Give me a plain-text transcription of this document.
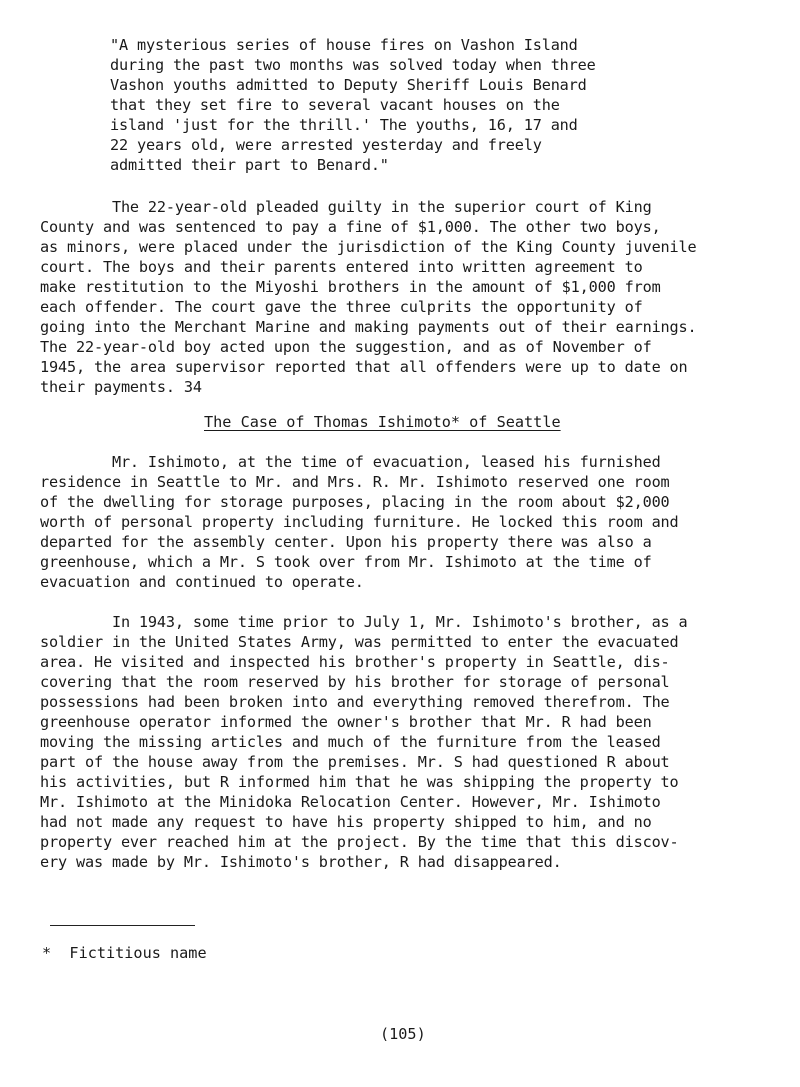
"A mysterious series of house fires on Vashon Island
during the past two months was solved today when three
Vashon youths admitted to Deputy Sheriff Louis Benard
that they set fire to several vacant houses on the
island 'just for the thrill.' The youths, 16, 17 and
22 years old, were arrested yesterday and freely
admitted their part to Benard."
The 22-year-old pleaded guilty in the superior court of King
County and was sentenced to pay a fine of $1,000. The other two boys,
as minors, were placed under the jurisdiction of the King County juvenile
court. The boys and their parents entered into written agreement to
make restitution to the Miyoshi brothers in the amount of $1,000 from
each offender. The court gave the three culprits the opportunity of
going into the Merchant Marine and making payments out of their earnings.
The 22-year-old boy acted upon the suggestion, and as of November of
1945, the area supervisor reported that all offenders were up to date on
their payments. 34
The Case of Thomas Ishimoto* of Seattle
Mr. Ishimoto, at the time of evacuation, leased his furnished
residence in Seattle to Mr. and Mrs. R. Mr. Ishimoto reserved one room
of the dwelling for storage purposes, placing in the room about $2,000
worth of personal property including furniture. He locked this room and
departed for the assembly center. Upon his property there was also a
greenhouse, which a Mr. S took over from Mr. Ishimoto at the time of
evacuation and continued to operate.
In 1943, some time prior to July 1, Mr. Ishimoto's brother, as a
soldier in the United States Army, was permitted to enter the evacuated
area. He visited and inspected his brother's property in Seattle, dis-
covering that the room reserved by his brother for storage of personal
possessions had been broken into and everything removed therefrom. The
greenhouse operator informed the owner's brother that Mr. R had been
moving the missing articles and much of the furniture from the leased
part of the house away from the premises. Mr. S had questioned R about
his activities, but R informed him that he was shipping the property to
Mr. Ishimoto at the Minidoka Relocation Center. However, Mr. Ishimoto
had not made any request to have his property shipped to him, and no
property ever reached him at the project. By the time that this discov-
ery was made by Mr. Ishimoto's brother, R had disappeared.
*  Fictitious name
(105)
